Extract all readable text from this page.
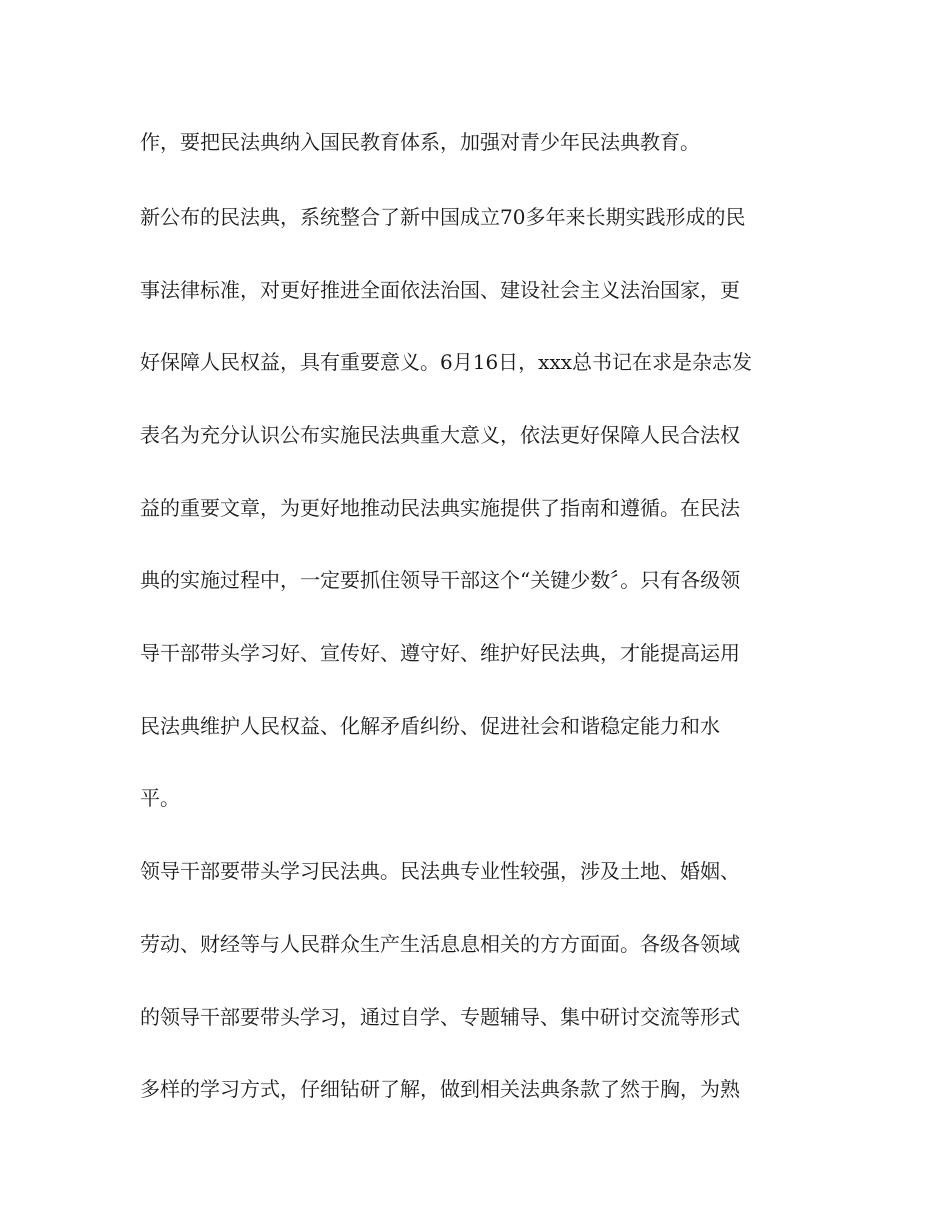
作，要把民法典纳入国民教育体系，加强对青少年民法典教育。

新公布的民法典，系统整合了新中国成立70多年来长期实践形成的民

事法律标准，对更好推进全面依法治国、建设社会主义法治国家，更

好保障人民权益，具有重要意义。6月16日，xxx总书记在求是杂志发

表名为充分认识公布实施民法典重大意义，依法更好保障人民合法权

益的重要文章，为更好地推动民法典实施提供了指南和遵循。在民法

典的实施过程中，一定要抓住领导干部这个“关键少数〞。只有各级领

导干部带头学习好、宣传好、遵守好、维护好民法典，才能提高运用

民法典维护人民权益、化解矛盾纠纷、促进社会和谐稳定能力和水

平。

领导干部要带头学习民法典。民法典专业性较强，涉及土地、婚姻、

劳动、财经等与人民群众生产生活息息相关的方方面面。各级各领域

的领导干部要带头学习，通过自学、专题辅导、集中研讨交流等形式

多样的学习方式，仔细钻研了解，做到相关法典条款了然于胸，为熟
